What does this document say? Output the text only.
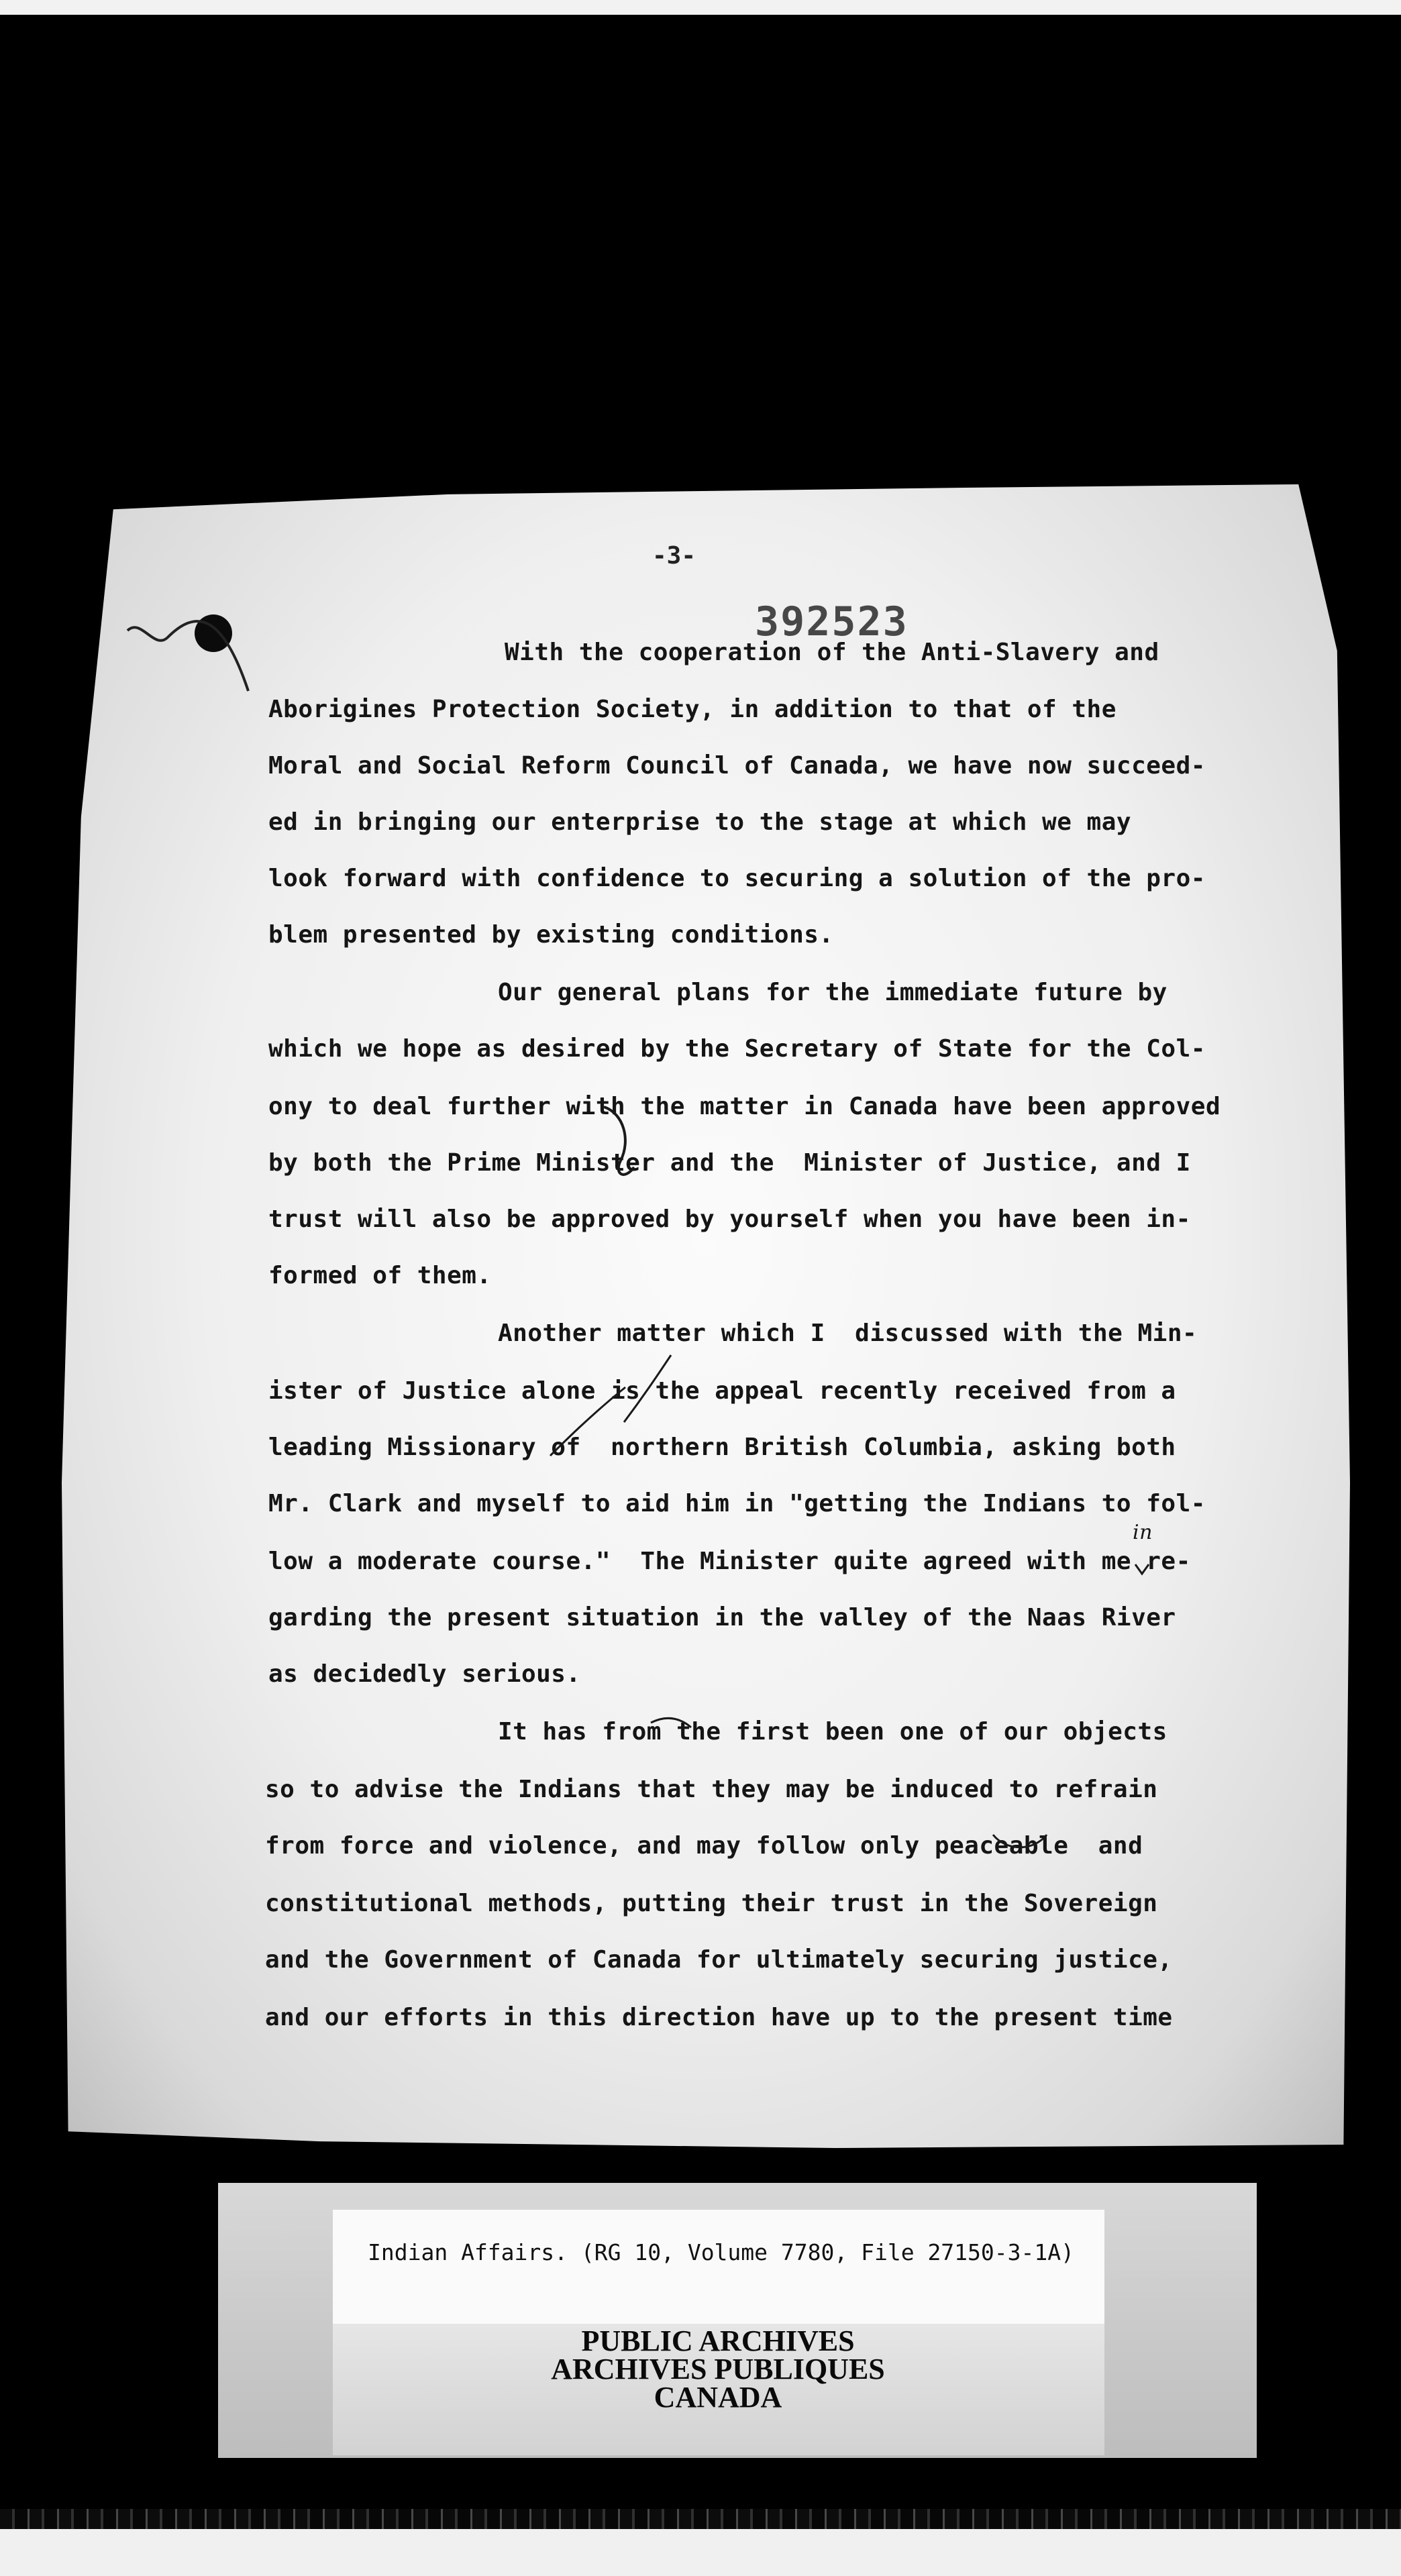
-3-
392523
With the cooperation of the Anti-Slavery and
Aborigines Protection Society, in addition to that of the
Moral and Social Reform Council of Canada, we have now succeed-
ed in bringing our enterprise to the stage at which we may
look forward with confidence to securing a solution of the pro-
blem presented by existing conditions.
Our general plans for the immediate future by
which we hope as desired by the Secretary of State for the Col-
ony to deal further with the matter in Canada have been approved
by both the Prime Minister and the  Minister of Justice, and I
trust will also be approved by yourself when you have been in-
formed of them.
Another matter which I  discussed with the Min-
ister of Justice alone is the appeal recently received from a
leading Missionary of  northern British Columbia, asking both
Mr. Clark and myself to aid him in "getting the Indians to fol-
low a moderate course."  The Minister quite agreed with me re-
garding the present situation in the valley of the Naas River
as decidedly serious.
It has from the first been one of our objects
so to advise the Indians that they may be induced to refrain
from force and violence, and may follow only peaceable  and
constitutional methods, putting their trust in the Sovereign
and the Government of Canada for ultimately securing justice,
and our efforts in this direction have up to the present time
in
Indian Affairs. (RG 10, Volume 7780, File 27150-3-1A)
PUBLIC ARCHIVES
ARCHIVES PUBLIQUES
CANADA
